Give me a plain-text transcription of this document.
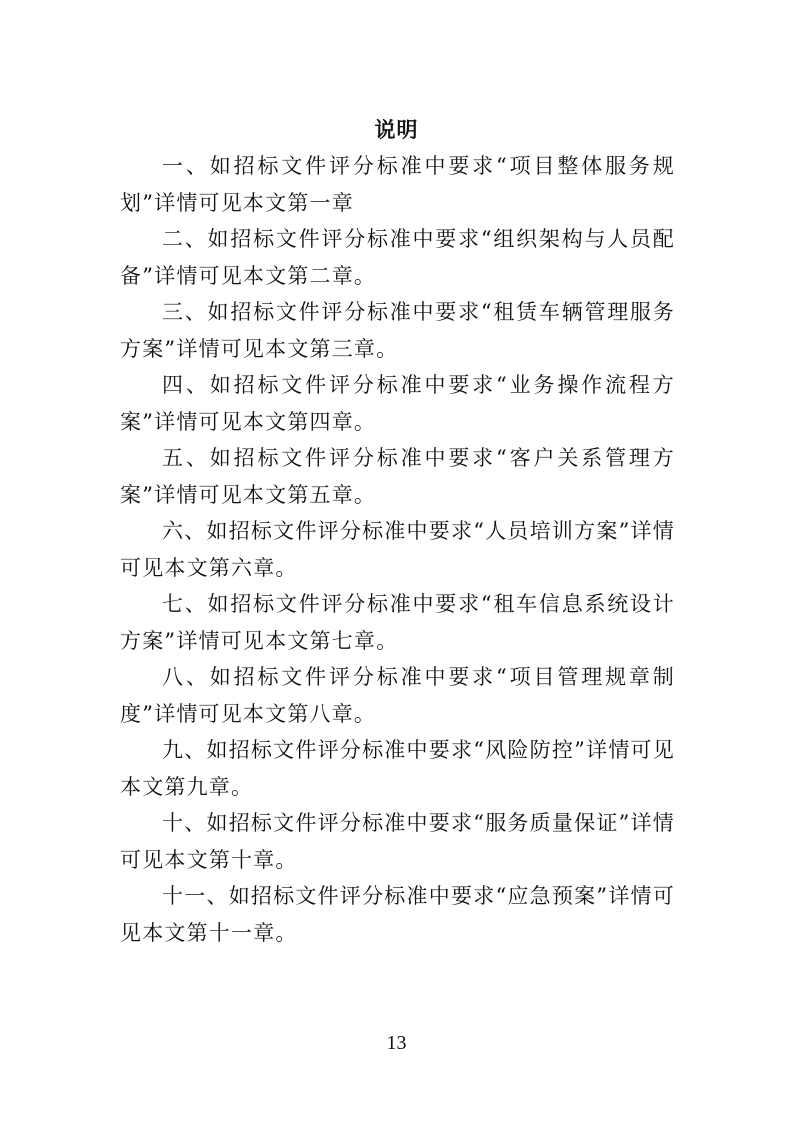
说明

一、如招标文件评分标准中要求“项目整体服务规划”详情可见本文第一章

二、如招标文件评分标准中要求“组织架构与人员配备”详情可见本文第二章。

三、如招标文件评分标准中要求“租赁车辆管理服务方案”详情可见本文第三章。

四、如招标文件评分标准中要求“业务操作流程方案”详情可见本文第四章。

五、如招标文件评分标准中要求“客户关系管理方案”详情可见本文第五章。

六、如招标文件评分标准中要求“人员培训方案”详情可见本文第六章。

七、如招标文件评分标准中要求“租车信息系统设计方案”详情可见本文第七章。

八、如招标文件评分标准中要求“项目管理规章制度”详情可见本文第八章。

九、如招标文件评分标准中要求“风险防控”详情可见本文第九章。

十、如招标文件评分标准中要求“服务质量保证”详情可见本文第十章。

十一、如招标文件评分标准中要求“应急预案”详情可见本文第十一章。

13
